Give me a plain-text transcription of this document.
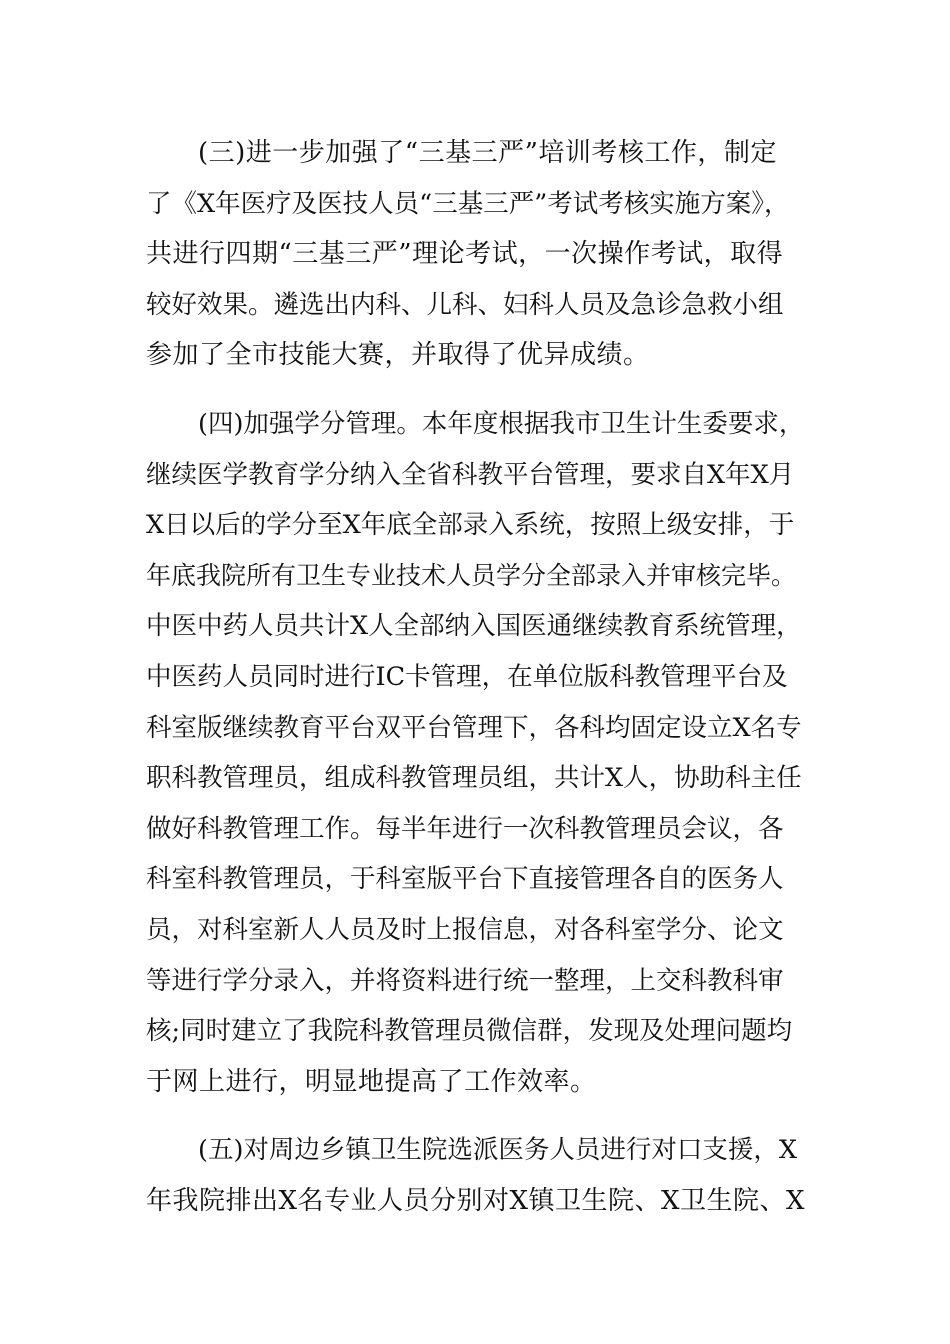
(三)进一步加强了“三基三严”培训考核工作，制定
了《X年医疗及医技人员“三基三严”考试考核实施方案》，
共进行四期“三基三严”理论考试，一次操作考试，取得
较好效果。遴选出内科、儿科、妇科人员及急诊急救小组
参加了全市技能大赛，并取得了优异成绩。
(四)加强学分管理。本年度根据我市卫生计生委要求，
继续医学教育学分纳入全省科教平台管理，要求自X年X月
X日以后的学分至X年底全部录入系统，按照上级安排，于
年底我院所有卫生专业技术人员学分全部录入并审核完毕。
中医中药人员共计X人全部纳入国医通继续教育系统管理，
中医药人员同时进行IC卡管理，在单位版科教管理平台及
科室版继续教育平台双平台管理下，各科均固定设立X名专
职科教管理员，组成科教管理员组，共计X人，协助科主任
做好科教管理工作。每半年进行一次科教管理员会议，各
科室科教管理员，于科室版平台下直接管理各自的医务人
员，对科室新人人员及时上报信息，对各科室学分、论文
等进行学分录入，并将资料进行统一整理，上交科教科审
核;同时建立了我院科教管理员微信群，发现及处理问题均
于网上进行，明显地提高了工作效率。
(五)对周边乡镇卫生院选派医务人员进行对口支援，X
年我院排出X名专业人员分别对X镇卫生院、X卫生院、X
